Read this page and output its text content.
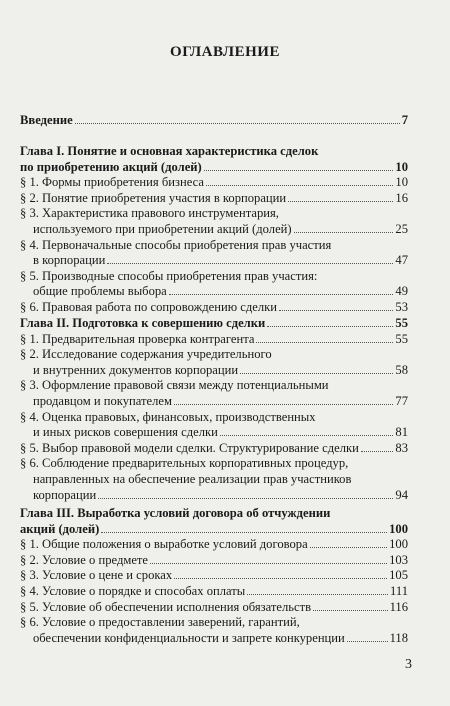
ОГЛАВЛЕНИЕ
Введение	7
Глава I. Понятие и основная характеристика сделок
по приобретению акций (долей)	10
§ 1. Формы приобретения бизнеса	10
§ 2. Понятие приобретения участия в корпорации	16
§ 3. Характеристика правового инструментария,
используемого при приобретении акций (долей)	25
§ 4. Первоначальные способы приобретения прав участия
в корпорации	47
§ 5. Производные способы приобретения прав участия:
общие проблемы выбора	49
§ 6. Правовая работа по сопровождению сделки	53
Глава II. Подготовка к совершению сделки	55
§ 1. Предварительная проверка контрагента	55
§ 2. Исследование содержания учредительного
и внутренних документов корпорации	58
§ 3. Оформление правовой связи между потенциальными
продавцом и покупателем	77
§ 4. Оценка правовых, финансовых, производственных
и иных рисков совершения сделки	81
§ 5. Выбор правовой модели сделки. Структурирование сделки	83
§ 6. Соблюдение предварительных корпоративных процедур,
направленных на обеспечение реализации прав участников
корпорации	94
Глава III. Выработка условий договора об отчуждении
акций (долей)	100
§ 1. Общие положения о выработке условий договора	100
§ 2. Условие о предмете	103
§ 3. Условие о цене и сроках	105
§ 4. Условие о порядке и способах оплаты	111
§ 5. Условие об обеспечении исполнения обязательств	116
§ 6. Условие о предоставлении заверений, гарантий,
обеспечении конфиденциальности и запрете конкуренции	118
3
